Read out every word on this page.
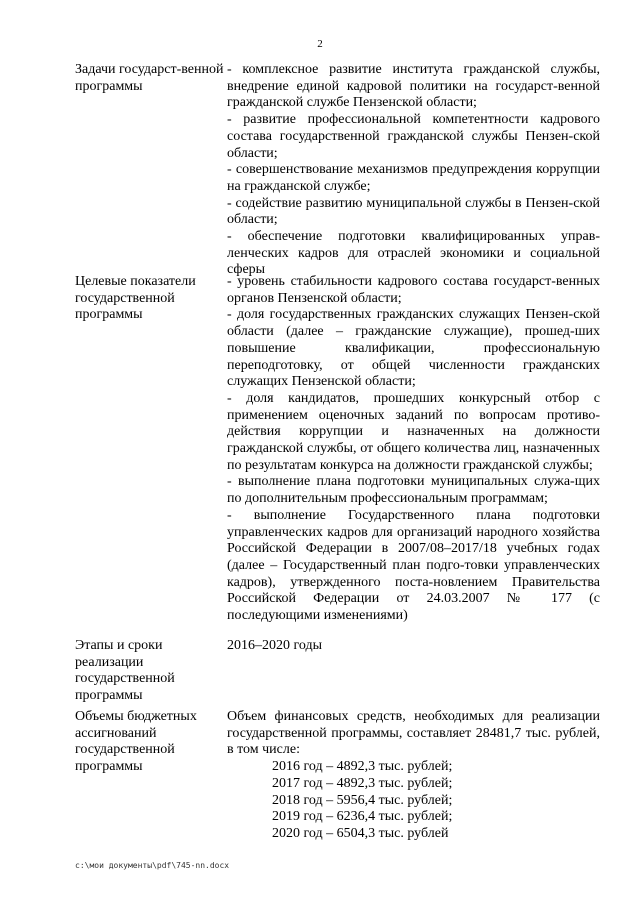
2
Задачи государст-венной программы

- комплексное развитие института гражданской службы, внедрение единой кадровой политики на государст-венной гражданской службе Пензенской области;

- развитие профессиональной компетентности кадрового состава государственной гражданской службы Пензен-ской области;

- совершенствование механизмов предупреждения коррупции на гражданской службе;

- содействие развитию муниципальной службы в Пензен-ской области;

- обеспечение подготовки квалифицированных управ-ленческих кадров для отраслей экономики и социальной сферы

Целевые показатели государственной программы

- уровень стабильности кадрового состава государст-венных органов Пензенской области;

- доля государственных гражданских служащих Пензен-ской области (далее – гражданские служащие), прошед-ших повышение квалификации, профессиональную переподготовку, от общей численности гражданских служащих Пензенской области;

- доля кандидатов, прошедших конкурсный отбор с применением оценочных заданий по вопросам противо-действия коррупции и назначенных на должности гражданской службы, от общего количества лиц, назначенных по результатам конкурса на должности гражданской службы;

- выполнение плана подготовки муниципальных служа-щих по дополнительным профессиональным программам;

- выполнение Государственного плана подготовки управленческих кадров для организаций народного хозяйства Российской Федерации в 2007/08–2017/18 учебных годах (далее – Государственный план подго-товки управленческих кадров), утвержденного поста-новлением Правительства Российской Федерации от 24.03.2007 № 177 (с последующими изменениями)

Этапы и сроки реализации государственной программы

2016–2020 годы

Объемы бюджетных ассигнований государственной программы

Объем финансовых средств, необходимых для реализации государственной программы, составляет 28481,7 тыс. рублей, в том числе:

2016 год – 4892,3 тыс. рублей;
2017 год – 4892,3 тыс. рублей;
2018 год – 5956,4 тыс. рублей;
2019 год – 6236,4 тыс. рублей;
2020 год – 6504,3 тыс. рублей
c:\мои документы\pdf\745-nn.docx
